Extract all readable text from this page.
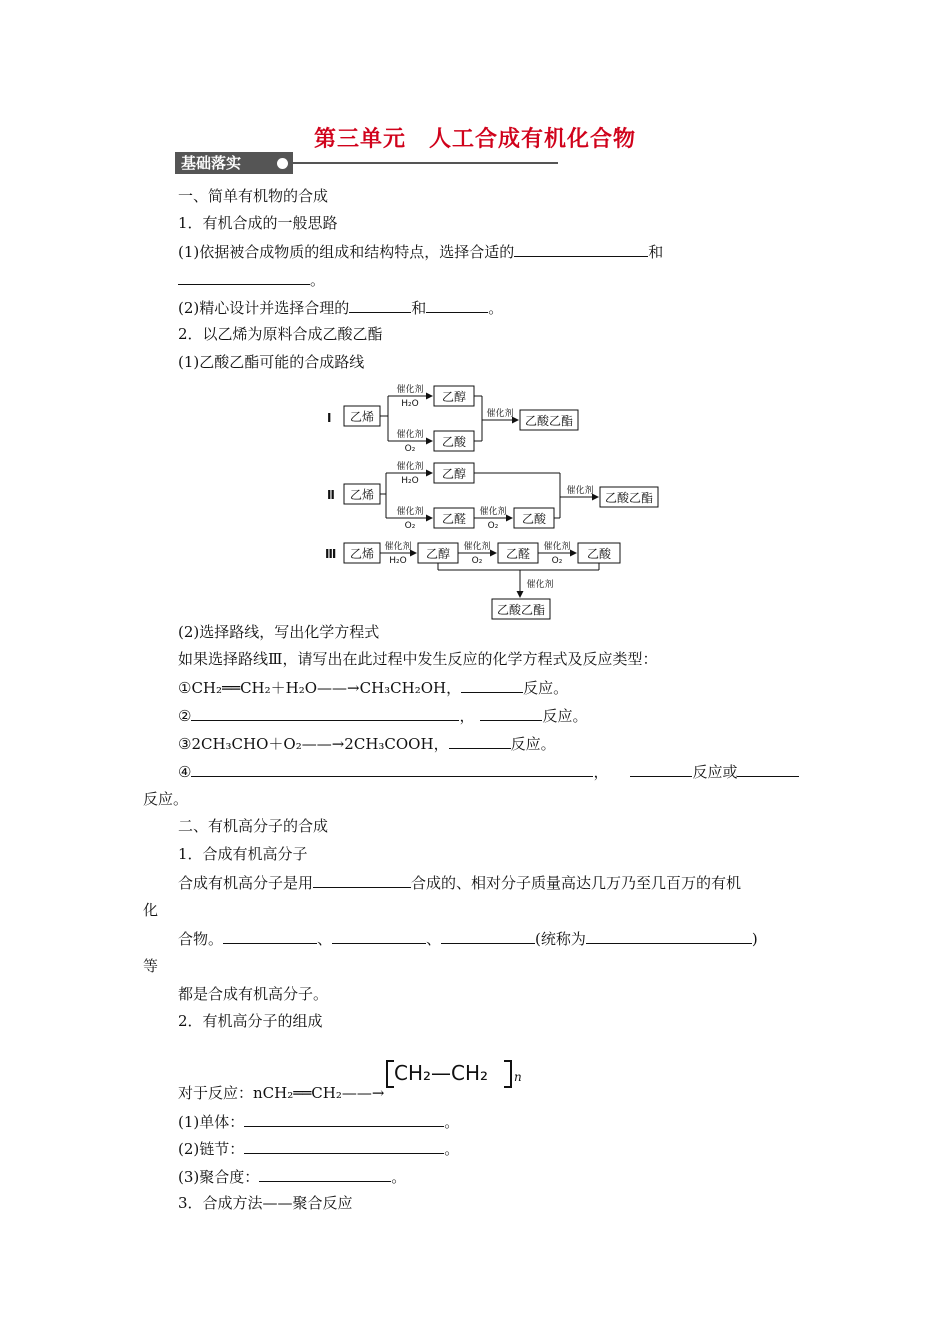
第三单元　人工合成有机化合物
基础落实
一、简单有机物的合成
1．有机合成的一般思路
(1)依据被合成物质的组成和结构特点，选择合适的	和
。
(2)精心设计并选择合理的	和	。
2．以乙烯为原料合成乙酸乙酯
(1)乙酸乙酯可能的合成路线
Ⅰ
Ⅱ
Ⅲ
乙烯
乙醇
乙酸
乙酸乙酯
乙烯
乙醇
乙醛	乙酸
乙酸乙酯
乙烯	乙醇	乙醛	乙酸
乙酸乙酯
催化剂
H₂O
催化剂
O₂
催化剂
催化剂
H₂O
催化剂
O₂
催化剂
O₂
催化剂
催化剂
H₂O
催化剂
O₂
催化剂
O₂
催化剂
(2)选择路线，写出化学方程式
如果选择路线Ⅲ，请写出在此过程中发生反应的化学方程式及反应类型：
①CH₂══CH₂＋H₂O——→CH₃CH₂OH，	反应。
②	，	反应。
③2CH₃CHO＋O₂——→2CH₃COOH，	反应。
④	，	反应或
反应。
二、有机高分子的合成
1．合成有机高分子
合成有机高分子是用	合成的、相对分子质量高达几万乃至几百万的有机
化
合物。	、	、	(统称为	)
等
都是合成有机高分子。
2．有机高分子的组成
对于反应：nCH₂══CH₂——→
CH₂—CH₂ n
(1)单体：	。
(2)链节：	。
(3)聚合度：	。
3．合成方法——聚合反应
